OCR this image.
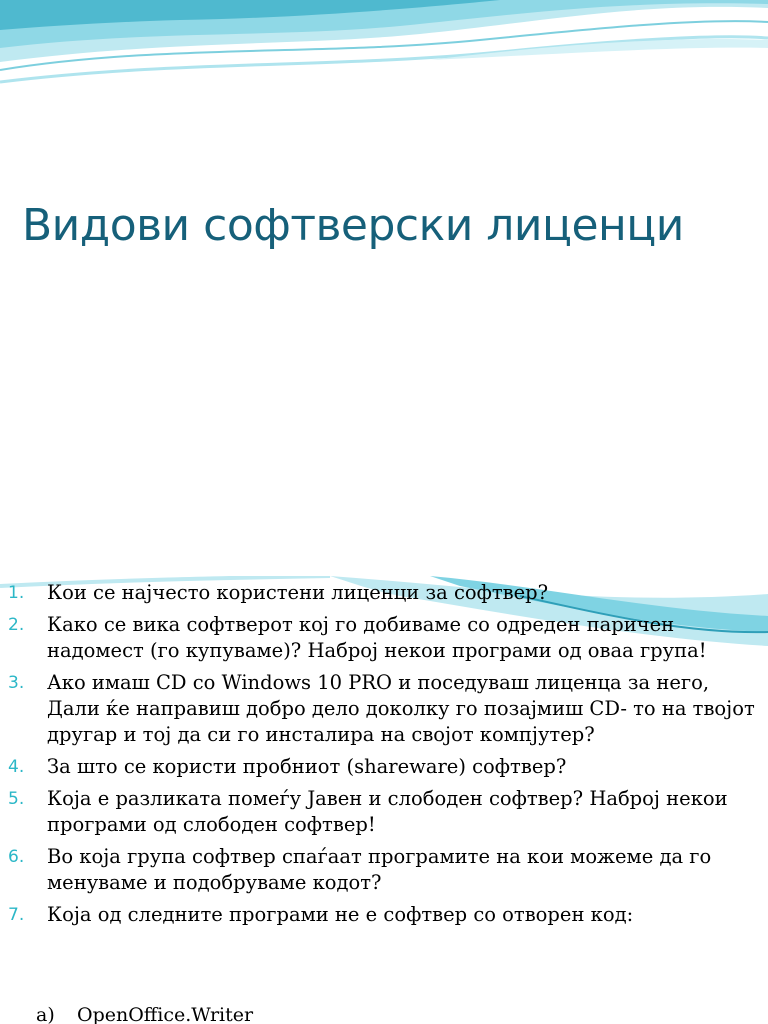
Видови софтверски лиценци
1. Кои се најчесто користени лиценци за софтвер?
2. Како се вика софтверот кој го добиваме со одреден паричен надомест (го купуваме)? Наброј некои програми од оваа група!
3. Ако имаш CD со Windows 10 PRO и поседуваш лиценца за него, Дали ќе направиш добро дело доколку го позајмиш CD- то на твојот другар и тој да си го инсталира на својот компјутер?
4. За што се користи пробниот (shareware) софтвер?
5. Која е разликата помеѓу Јавен и слободен софтвер? Наброј некои програми од слободен софтвер!
6. Во која група софтвер спаѓаат програмите на кои можеме да го менуваме и подобруваме кодот?
7. Која од следните програми не е софтвер со отворен код:
a) OpenOffice.Writer
